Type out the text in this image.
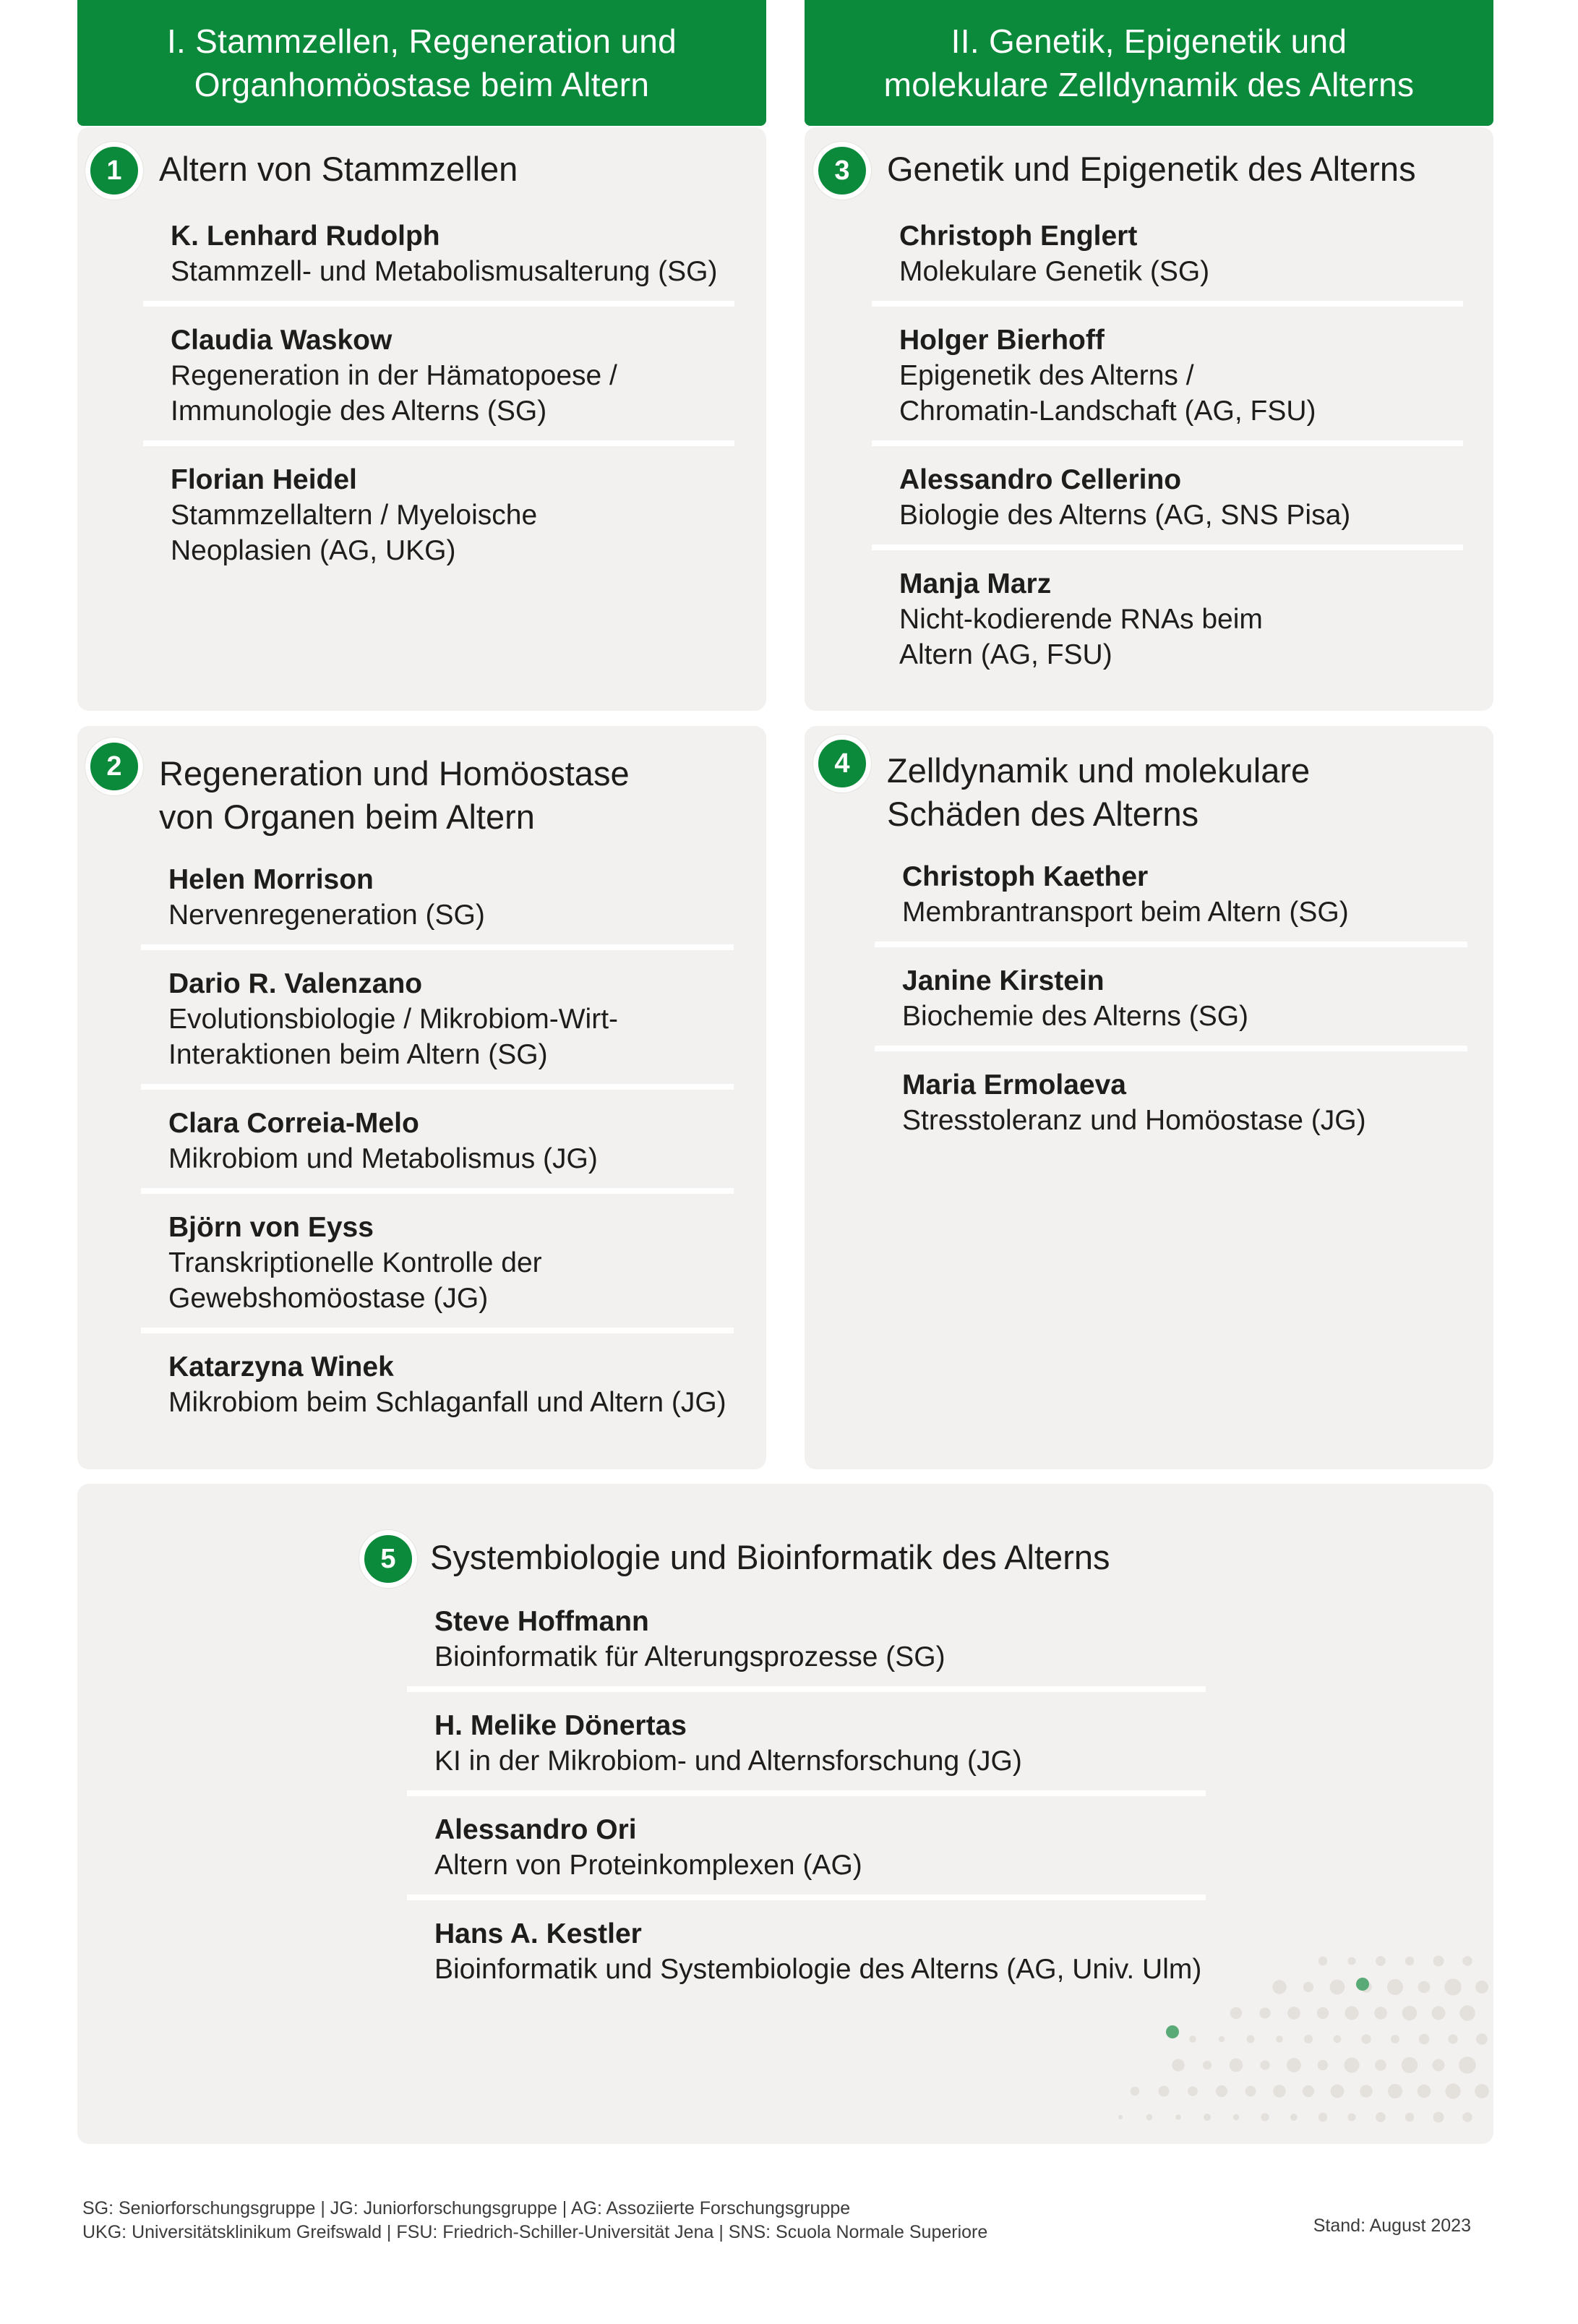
I. Stammzellen, Regeneration und
Organhomöostase beim Altern
II. Genetik, Epigenetik und
molekulare Zelldynamik des Alterns
1	Altern von Stammzellen
K. Lenhard Rudolph
Stammzell- und Metabolismusalterung (SG)
Claudia Waskow
Regeneration in der Hämatopoese /
Immunologie des Alterns (SG)
Florian Heidel
Stammzellaltern / Myeloische
Neoplasien (AG, UKG)
3	Genetik und Epigenetik des Alterns
Christoph Englert
Molekulare Genetik (SG)
Holger Bierhoff
Epigenetik des Alterns /
Chromatin-Landschaft (AG, FSU)
Alessandro Cellerino
Biologie des Alterns (AG, SNS Pisa)
Manja Marz
Nicht-kodierende RNAs beim
Altern (AG, FSU)
2	Regeneration und Homöostase
von Organen beim Altern
Helen Morrison
Nervenregeneration (SG)
Dario R. Valenzano
Evolutionsbiologie / Mikrobiom-Wirt-
Interaktionen beim Altern (SG)
Clara Correia-Melo
Mikrobiom und Metabolismus (JG)
Björn von Eyss
Transkriptionelle Kontrolle der
Gewebshomöostase (JG)
Katarzyna Winek
Mikrobiom beim Schlaganfall und Altern (JG)
4	Zelldynamik und molekulare
Schäden des Alterns
Christoph Kaether
Membrantransport beim Altern (SG)
Janine Kirstein
Biochemie des Alterns (SG)
Maria Ermolaeva
Stresstoleranz und Homöostase (JG)
5	Systembiologie und Bioinformatik des Alterns
Steve Hoffmann
Bioinformatik für Alterungsprozesse (SG)
H. Melike Dönertas
KI in der Mikrobiom- und Alternsforschung (JG)
Alessandro Ori
Altern von Proteinkomplexen (AG)
Hans A. Kestler
Bioinformatik und Systembiologie des Alterns (AG, Univ. Ulm)
SG: Seniorforschungsgruppe | JG: Juniorforschungsgruppe | AG: Assoziierte Forschungsgruppe
UKG: Universitätsklinikum Greifswald | FSU: Friedrich-Schiller-Universität Jena | SNS: Scuola Normale Superiore	Stand: August 2023
